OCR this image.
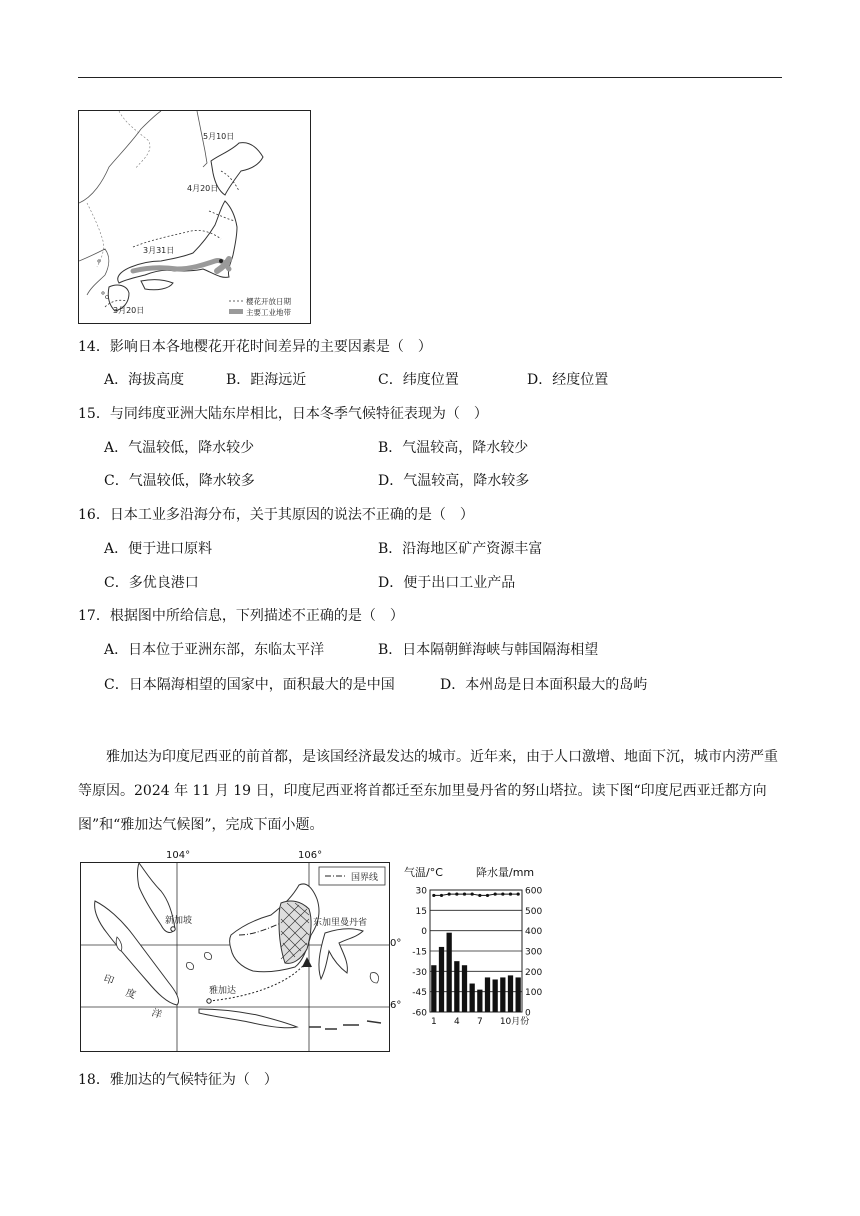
5月10日
4月20日
3月31日
3月20日
樱花开放日期
主要工业地带
14．影响日本各地樱花开花时间差异的主要因素是（　）
A．海拔高度	B．距海远近	C．纬度位置	D．经度位置
15．与同纬度亚洲大陆东岸相比，日本冬季气候特征表现为（　）
A．气温较低，降水较少	B．气温较高，降水较少
C．气温较低，降水较多	D．气温较高，降水较多
16．日本工业多沿海分布，关于其原因的说法不正确的是（　）
A．便于进口原料	B．沿海地区矿产资源丰富
C．多优良港口	D．便于出口工业产品
17．根据图中所给信息，下列描述不正确的是（　）
A．日本位于亚洲东部，东临太平洋	B．日本隔朝鲜海峡与韩国隔海相望
C．日本隔海相望的国家中，面积最大的是中国	D．本州岛是日本面积最大的岛屿
雅加达为印度尼西亚的前首都，是该国经济最发达的城市。近年来，由于人口激增、地面下沉，城市内涝严重等原因。2024 年 11 月 19 日，印度尼西亚将首都迁至东加里曼丹省的努山塔拉。读下图“印度尼西亚迁都方向图”和“雅加达气候图”，完成下面小题。
国界线
新加坡	东加里曼丹省
雅加达
印
度
洋
104°	106°
0°
6°
气温/°C	降水量/mm
30
15
0
-15
-30
-45
-60
600
500
400
300
200
100
0
1 4 7 10月份
18．雅加达的气候特征为（　）
